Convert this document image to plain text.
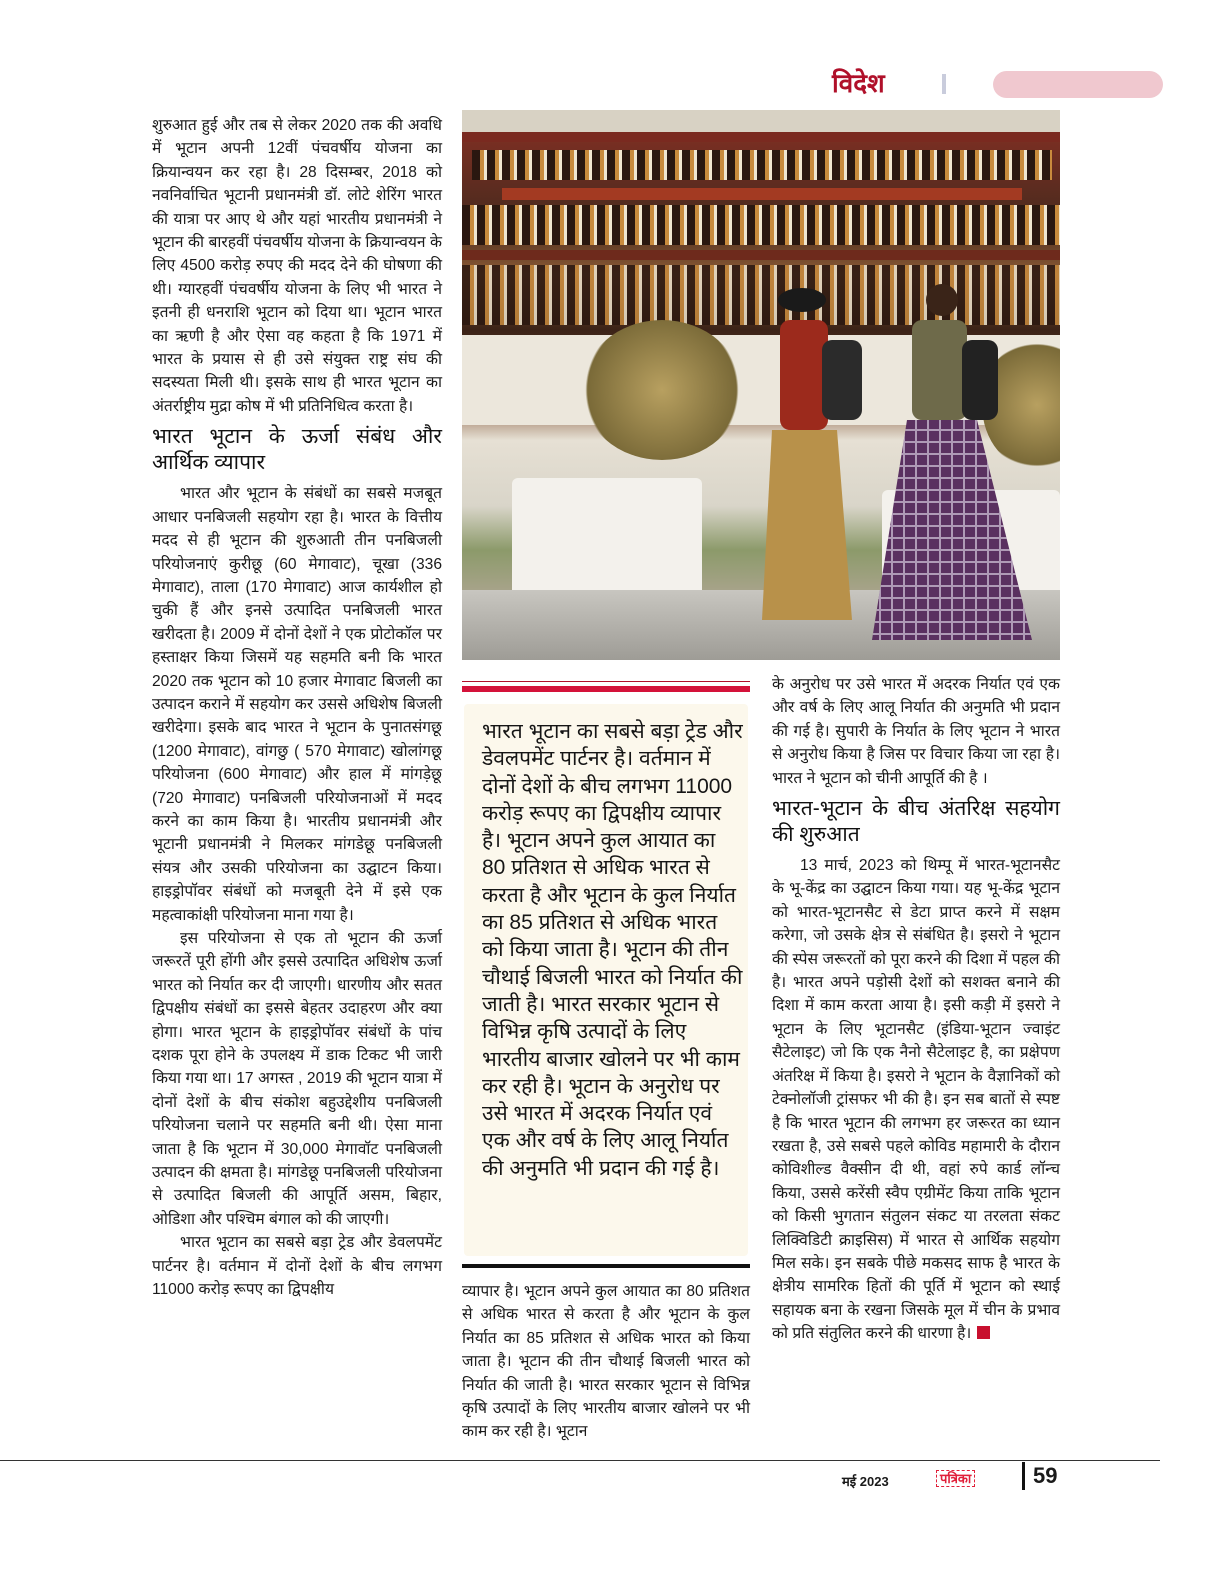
विदेश

शुरुआत हुई और तब से लेकर 2020 तक की अवधि में भूटान अपनी 12वीं पंचवर्षीय योजना का क्रियान्वयन कर रहा है। 28 दिसम्बर, 2018 को नवनिर्वाचित भूटानी प्रधानमंत्री डॉ. लोटे शेरिंग भारत की यात्रा पर आए थे और यहां भारतीय प्रधानमंत्री ने भूटान की बारहवीं पंचवर्षीय योजना के क्रियान्वयन के लिए 4500 करोड़ रुपए की मदद देने की घोषणा की थी। ग्यारहवीं पंचवर्षीय योजना के लिए भी भारत ने इतनी ही धनराशि भूटान को दिया था। भूटान भारत का ऋणी है और ऐसा वह कहता है कि 1971 में भारत के प्रयास से ही उसे संयुक्त राष्ट्र संघ की सदस्यता मिली थी। इसके साथ ही भारत भूटान का अंतर्राष्ट्रीय मुद्रा कोष में भी प्रतिनिधित्व करता है।

भारत भूटान के ऊर्जा संबंध और आर्थिक व्यापार

भारत और भूटान के संबंधों का सबसे मजबूत आधार पनबिजली सहयोग रहा है। भारत के वित्तीय मदद से ही भूटान की शुरुआती तीन पनबिजली परियोजनाएं कुरीछू (60 मेगावाट), चूखा (336 मेगावाट), ताला (170 मेगावाट) आज कार्यशील हो चुकी हैं और इनसे उत्पादित पनबिजली भारत खरीदता है। 2009 में दोनों देशों ने एक प्रोटोकॉल पर हस्ताक्षर किया जिसमें यह सहमति बनी कि भारत 2020 तक भूटान को 10 हजार मेगावाट बिजली का उत्पादन कराने में सहयोग कर उससे अधिशेष बिजली खरीदेगा। इसके बाद भारत ने भूटान के पुनातसंगछू (1200 मेगावाट), वांगछु ( 570 मेगावाट) खोलांगछू परियोजना (600 मेगावाट) और हाल में मांगड़ेछू (720 मेगावाट) पनबिजली परियोजनाओं में मदद करने का काम किया है। भारतीय प्रधानमंत्री और भूटानी प्रधानमंत्री ने मिलकर मांगडेछू पनबिजली संयत्र और उसकी परियोजना का उद्घाटन किया। हाइड्रोपॉवर संबंधों को मजबूती देने में इसे एक महत्वाकांक्षी परियोजना माना गया है।

इस परियोजना से एक तो भूटान की ऊर्जा जरूरतें पूरी होंगी और इससे उत्पादित अधिशेष ऊर्जा भारत को निर्यात कर दी जाएगी। धारणीय और सतत द्विपक्षीय संबंधों का इससे बेहतर उदाहरण और क्या होगा। भारत भूटान के हाइड्रोपॉवर संबंधों के पांच दशक पूरा होने के उपलक्ष्य में डाक टिकट भी जारी किया गया था। 17 अगस्त , 2019 की भूटान यात्रा में दोनों देशों के बीच संकोश बहुउद्देशीय पनबिजली परियोजना चलाने पर सहमति बनी थी। ऐसा माना जाता है कि भूटान में 30,000 मेगावॉट पनबिजली उत्पादन की क्षमता है। मांगडेछू पनबिजली परियोजना से उत्पादित बिजली की आपूर्ति असम, बिहार, ओडिशा और पश्चिम बंगाल को की जाएगी।

भारत भूटान का सबसे बड़ा ट्रेड और डेवलपमेंट पार्टनर है। वर्तमान में दोनों देशों के बीच लगभग 11000 करोड़ रूपए का द्विपक्षीय

भारत भूटान का सबसे बड़ा ट्रेड और डेवलपमेंट पार्टनर है। वर्तमान में दोनों देशों के बीच लगभग 11000 करोड़ रूपए का द्विपक्षीय व्यापार है। भूटान अपने कुल आयात का 80 प्रतिशत से अधिक भारत से करता है और भूटान के कुल निर्यात का 85 प्रतिशत से अधिक भारत को किया जाता है। भूटान की तीन चौथाई बिजली भारत को निर्यात की जाती है। भारत सरकार भूटान से विभिन्न कृषि उत्पादों के लिए भारतीय बाजार खोलने पर भी काम कर रही है। भूटान के अनुरोध पर उसे भारत में अदरक निर्यात एवं एक और वर्ष के लिए आलू निर्यात की अनुमति भी प्रदान की गई है।

व्यापार है। भूटान अपने कुल आयात का 80 प्रतिशत से अधिक भारत से करता है और भूटान के कुल निर्यात का 85 प्रतिशत से अधिक भारत को किया जाता है। भूटान की तीन चौथाई बिजली भारत को निर्यात की जाती है। भारत सरकार भूटान से विभिन्न कृषि उत्पादों के लिए भारतीय बाजार खोलने पर भी काम कर रही है। भूटान

के अनुरोध पर उसे भारत में अदरक निर्यात एवं एक और वर्ष के लिए आलू निर्यात की अनुमति भी प्रदान की गई है। सुपारी के निर्यात के लिए भूटान ने भारत से अनुरोध किया है जिस पर विचार किया जा रहा है। भारत ने भूटान को चीनी आपूर्ति की है ।

भारत-भूटान के बीच अंतरिक्ष सहयोग की शुरुआत

13 मार्च, 2023 को थिम्पू में भारत-भूटानसैट के भू-केंद्र का उद्घाटन किया गया। यह भू-केंद्र भूटान को भारत-भूटानसैट से डेटा प्राप्त करने में सक्षम करेगा, जो उसके क्षेत्र से संबंधित है। इसरो ने भूटान की स्पेस जरूरतों को पूरा करने की दिशा में पहल की है। भारत अपने पड़ोसी देशों को सशक्त बनाने की दिशा में काम करता आया है। इसी कड़ी में इसरो ने भूटान के लिए भूटानसैट (इंडिया-भूटान ज्वाइंट सैटेलाइट) जो कि एक नैनो सैटेलाइट है, का प्रक्षेपण अंतरिक्ष में किया है। इसरो ने भूटान के वैज्ञानिकों को टेक्नोलॉजी ट्रांसफर भी की है। इन सब बातों से स्पष्ट है कि भारत भूटान की लगभग हर जरूरत का ध्यान रखता है, उसे सबसे पहले कोविड महामारी के दौरान कोविशील्ड वैक्सीन दी थी, वहां रुपे कार्ड लॉन्च किया, उससे करेंसी स्वैप एग्रीमेंट किया ताकि भूटान को किसी भुगतान संतुलन संकट या तरलता संकट लिक्विडिटी क्राइसिस) में भारत से आर्थिक सहयोग मिल सके। इन सबके पीछे मकसद साफ है भारत के क्षेत्रीय सामरिक हितों की पूर्ति में भूटान को स्थाई सहायक बना के रखना जिसके मूल में चीन के प्रभाव को प्रति संतुलित करने की धारणा है।

मई 2023	पत्रिका	59
